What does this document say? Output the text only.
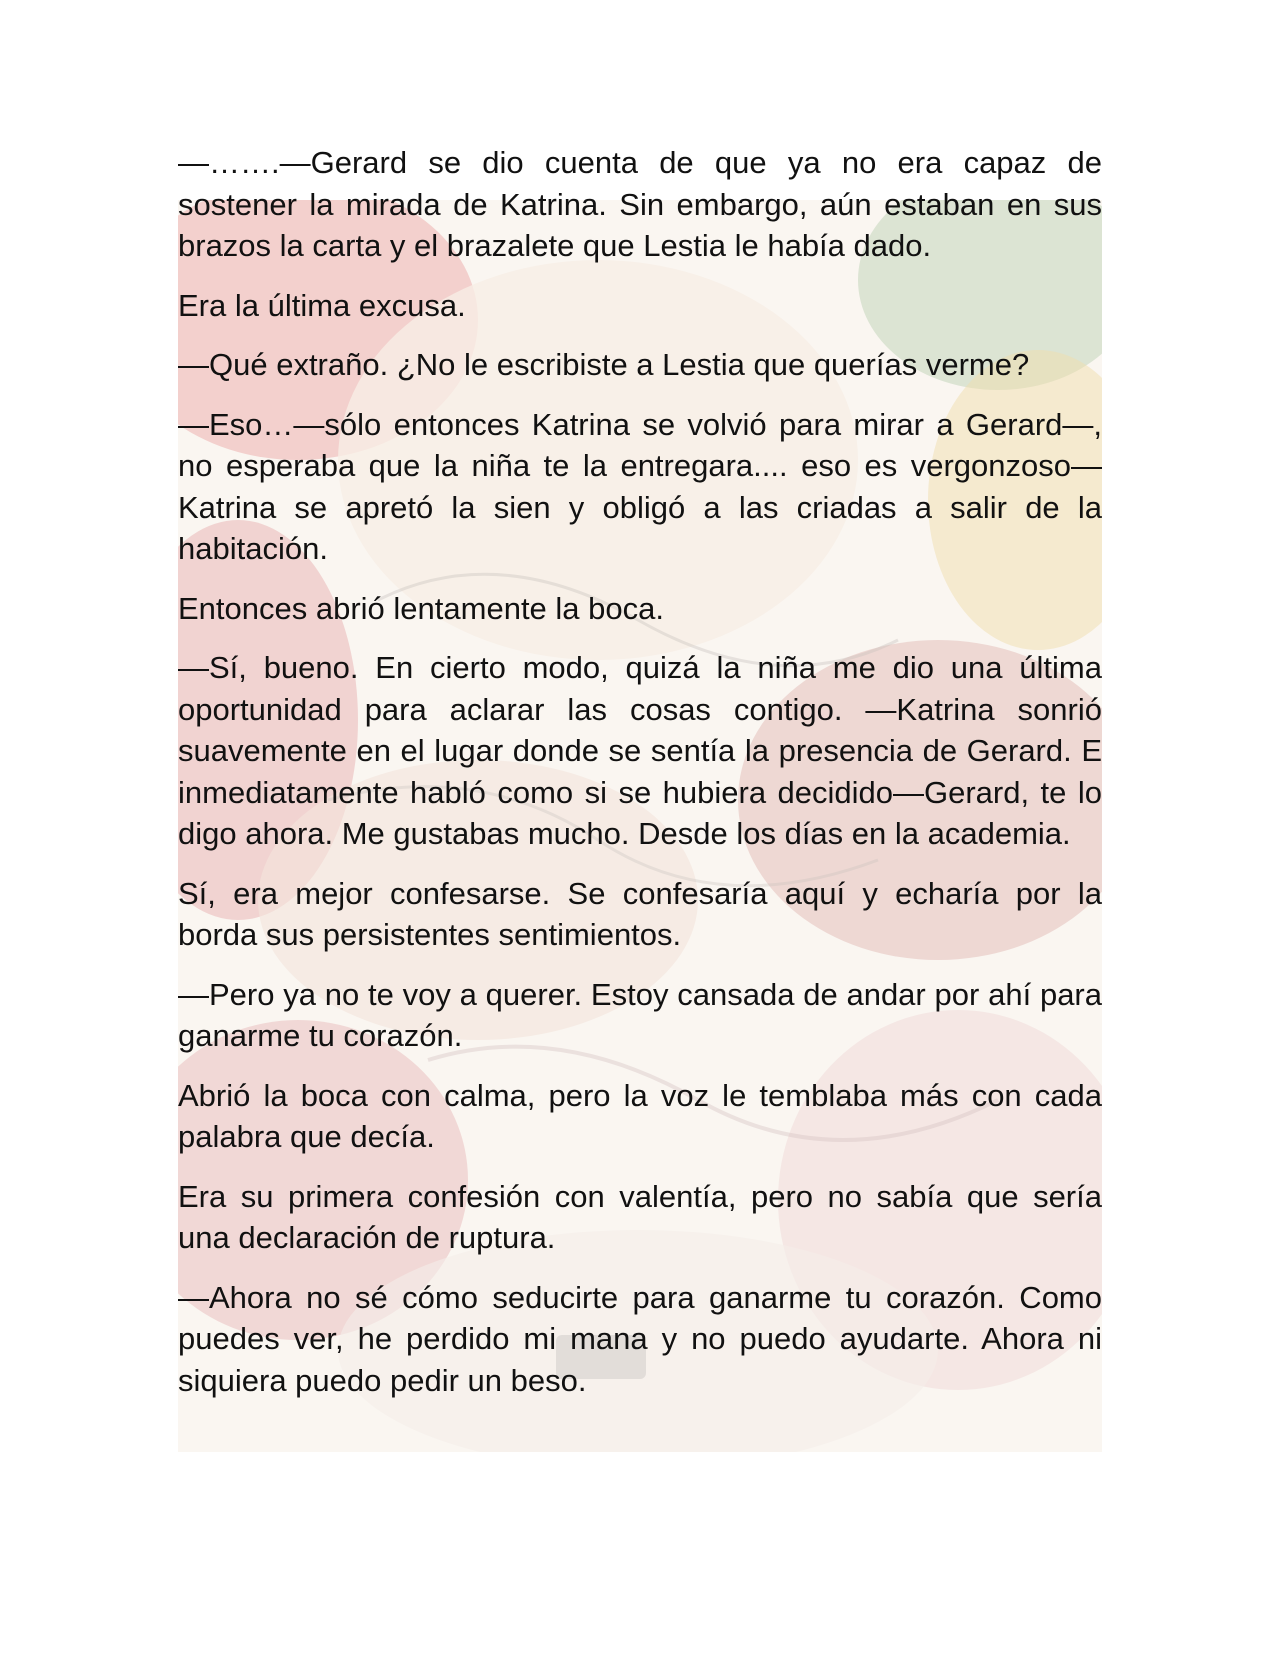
—…….—Gerard se dio cuenta de que ya no era capaz de sostener la mirada de Katrina. Sin embargo, aún estaban en sus brazos la carta y el brazalete que Lestia le había dado.

Era la última excusa.

—Qué extraño. ¿No le escribiste a Lestia que querías verme?

—Eso…—sólo entonces Katrina se volvió para mirar a Gerard—, no esperaba que la niña te la entregara.... eso es vergonzoso—Katrina se apretó la sien y obligó a las criadas a salir de la habitación.

Entonces abrió lentamente la boca.

—Sí, bueno. En cierto modo, quizá la niña me dio una última oportunidad para aclarar las cosas contigo. —Katrina sonrió suavemente en el lugar donde se sentía la presencia de Gerard. E inmediatamente habló como si se hubiera decidido—Gerard, te lo digo ahora. Me gustabas mucho. Desde los días en la academia.

Sí, era mejor confesarse. Se confesaría aquí y echaría por la borda sus persistentes sentimientos.

—Pero ya no te voy a querer. Estoy cansada de andar por ahí para ganarme tu corazón.

Abrió la boca con calma, pero la voz le temblaba más con cada palabra que decía.

Era su primera confesión con valentía, pero no sabía que sería una declaración de ruptura.

—Ahora no sé cómo seducirte para ganarme tu corazón. Como puedes ver, he perdido mi mana y no puedo ayudarte. Ahora ni siquiera puedo pedir un beso.
